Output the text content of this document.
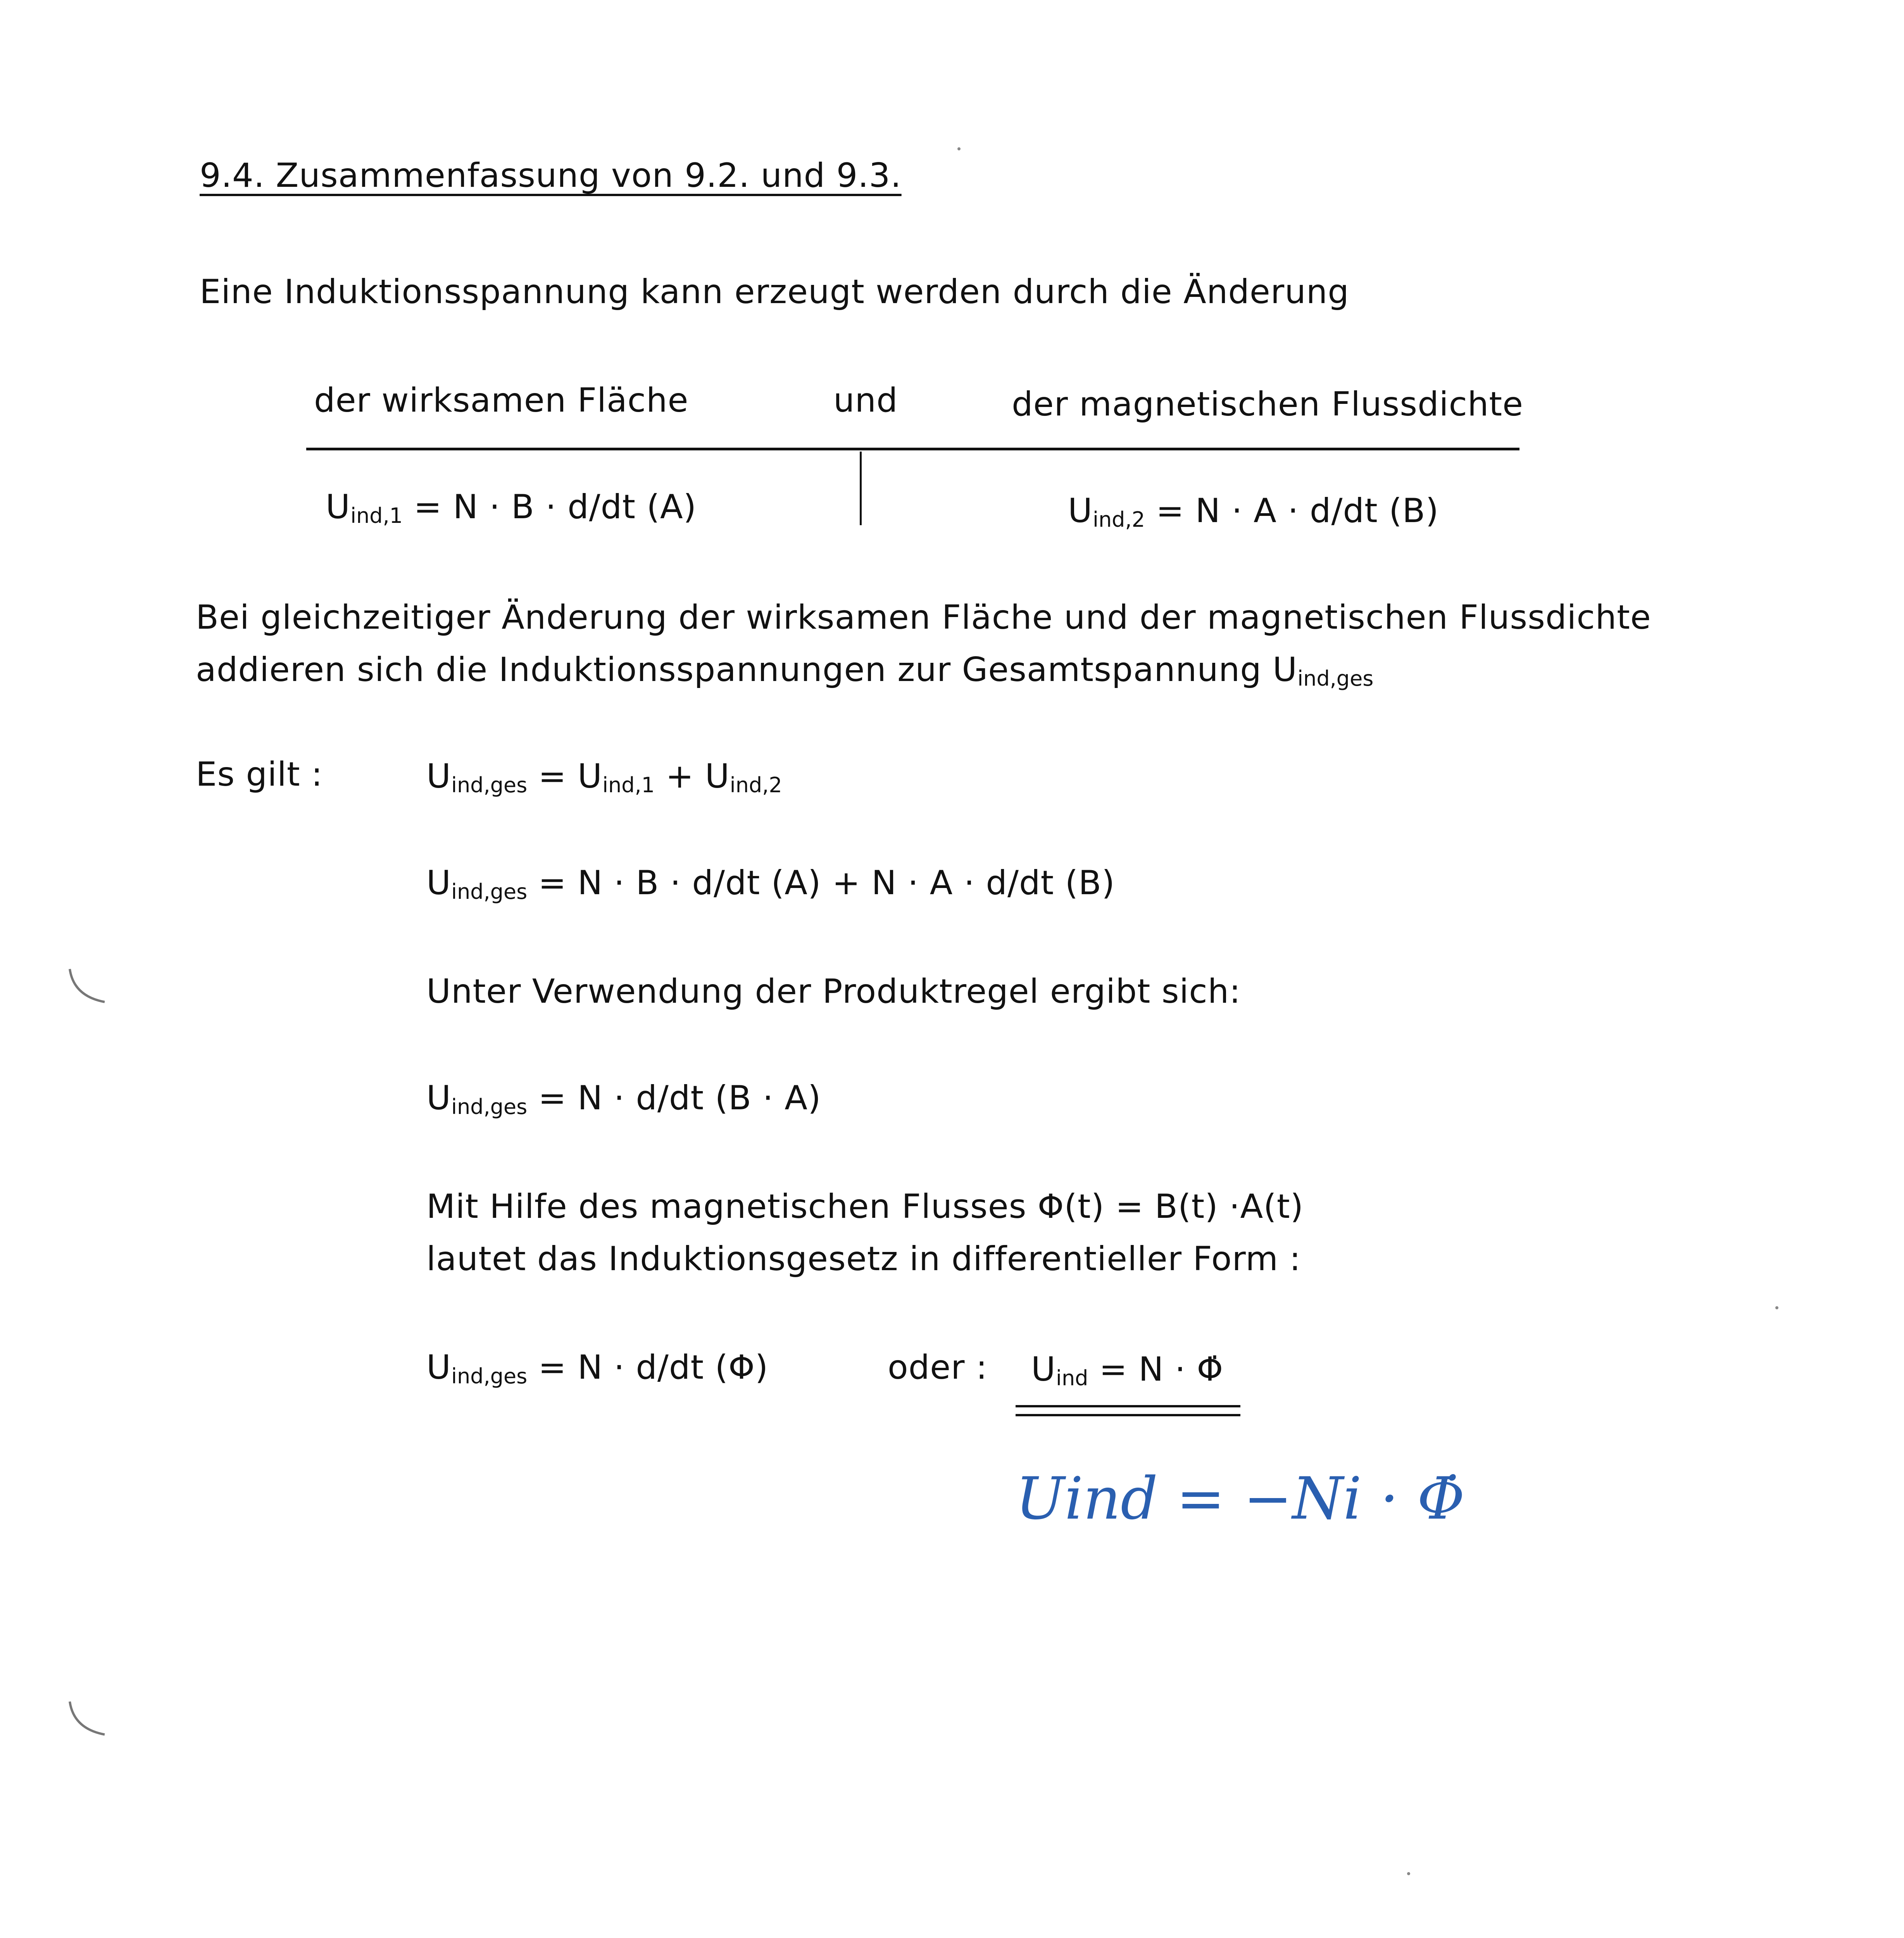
9.4. Zusammenfassung von 9.2. und 9.3.
Eine Induktionsspannung kann erzeugt werden durch die Änderung
der wirksamen Fläche	und	der magnetischen Flussdichte
$U_{ind,1} = N \cdot B \cdot d/dt$ (A)	$U_{ind,2} = N \cdot A \cdot d/dt$ (B)
Bei gleichzeitiger Änderung der wirksamen Fläche und der magnetischen Flussdichte
addieren sich die Induktionsspannungen zur Gesamtspannung $U_{ind,ges}$
Es gilt :	$U_{ind,ges} = U_{ind,1} + U_{ind,2}$
$U_{ind,ges} = N \cdot B \cdot d/dt$ (A) + N · A · d/dt (B)
Unter Verwendung der Produktregel ergibt sich:
$U_{ind,ges} = N \cdot d/dt$ (B · A)
Mit Hilfe des magnetischen Flusses Φ(t) = B(t) ·A(t)
lautet das Induktionsgesetz in differentieller Form :
$U_{ind,ges} = N \cdot d/dt$ (Φ)	oder : $U_{ind} = N$ · Φ̇
Uind = −Ni · Φ̇
